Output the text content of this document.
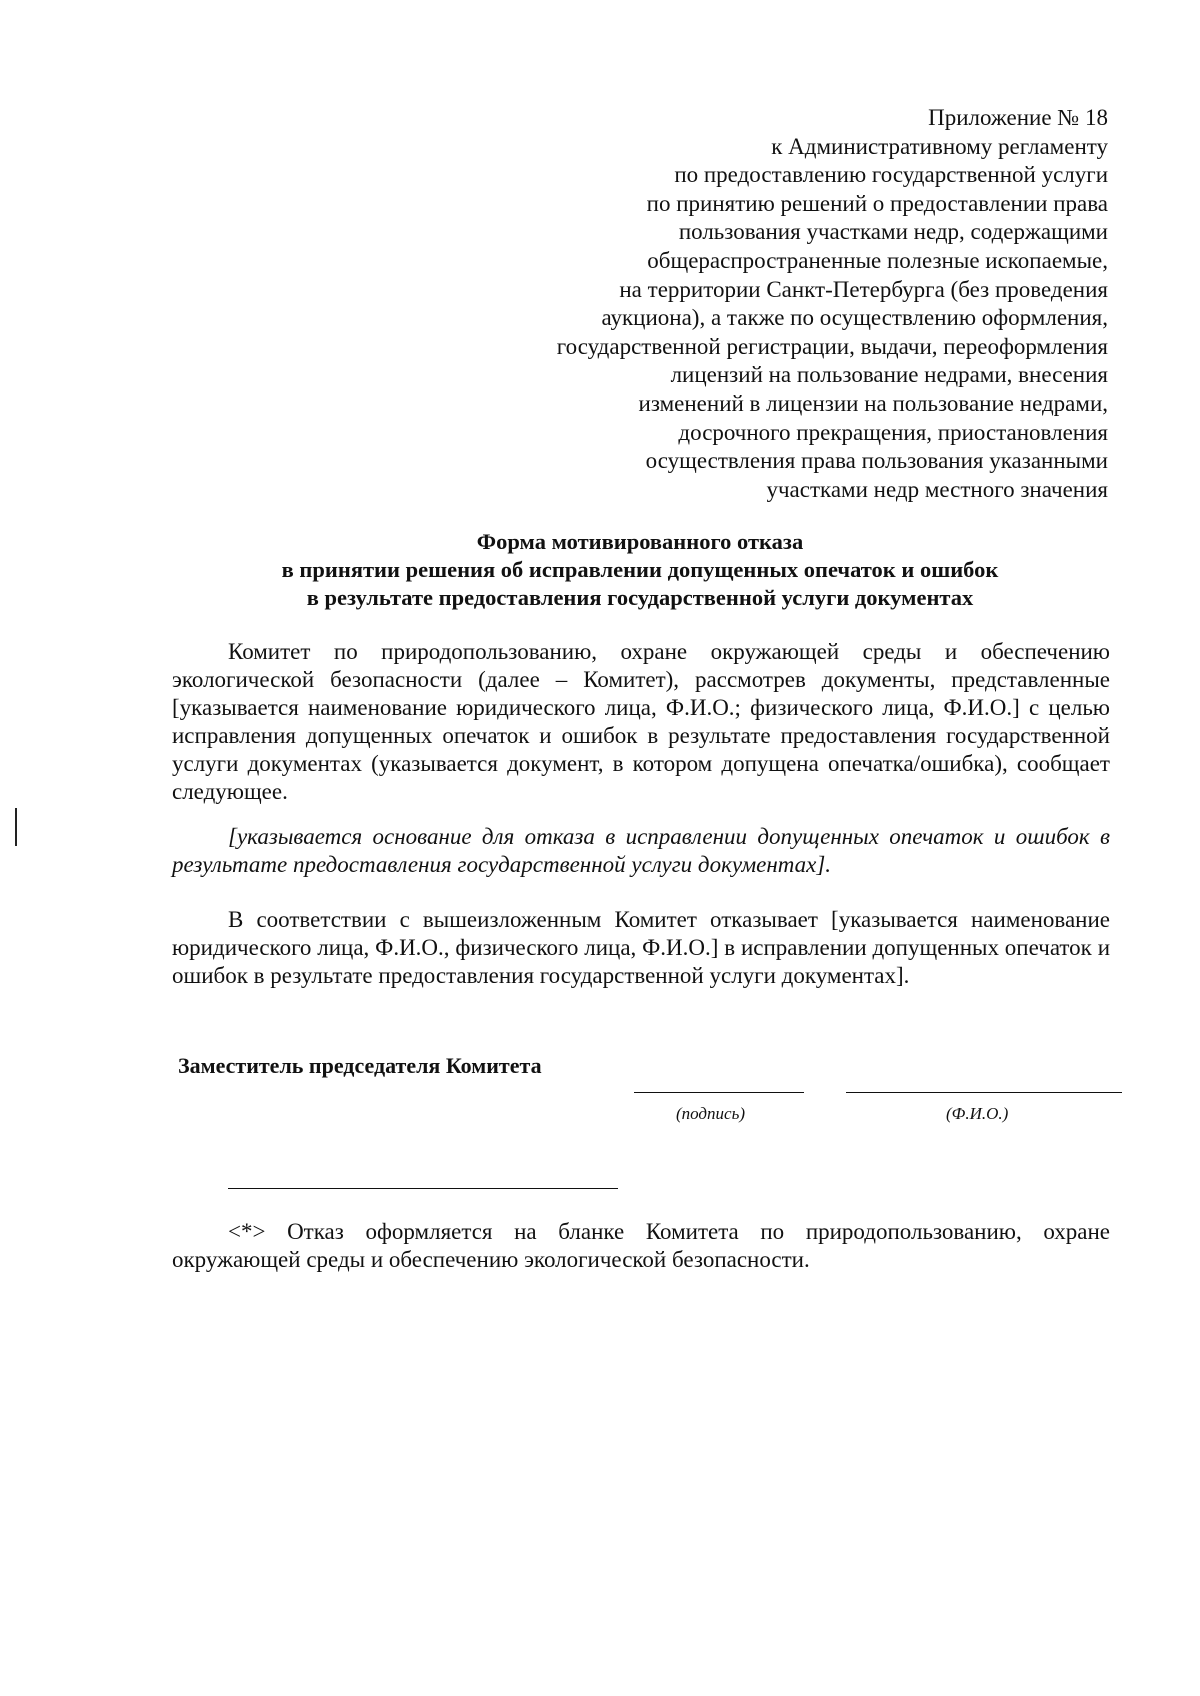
Приложение № 18
к Административному регламенту
по предоставлению государственной услуги
по принятию решений о предоставлении права
пользования участками недр, содержащими
общераспространенные полезные ископаемые,
на территории Санкт-Петербурга (без проведения
аукциона), а также по осуществлению оформления,
государственной регистрации, выдачи, переоформления
лицензий на пользование недрами, внесения
изменений в лицензии на пользование недрами,
досрочного прекращения, приостановления
осуществления права пользования указанными
участками недр местного значения
Форма мотивированного отказа
в принятии решения об исправлении допущенных опечаток и ошибок
в результате предоставления государственной услуги документах

Комитет по природопользованию, охране окружающей среды и обеспечению экологической безопасности (далее – Комитет), рассмотрев документы, представленные [указывается наименование юридического лица, Ф.И.О.; физического лица, Ф.И.О.] с целью исправления допущенных опечаток и ошибок в результате предоставления государственной услуги документах (указывается документ, в котором допущена опечатка/ошибка), сообщает следующее.

[указывается основание для отказа в исправлении допущенных опечаток и ошибок в результате предоставления государственной услуги документах].

В соответствии с вышеизложенным Комитет отказывает [указывается наименование юридического лица, Ф.И.О., физического лица, Ф.И.О.] в исправлении допущенных опечаток и ошибок в результате предоставления государственной услуги документах].

Заместитель председателя Комитета
(подпись)	(Ф.И.О.)

<*> Отказ оформляется на бланке Комитета по природопользованию, охране окружающей среды и обеспечению экологической безопасности.
